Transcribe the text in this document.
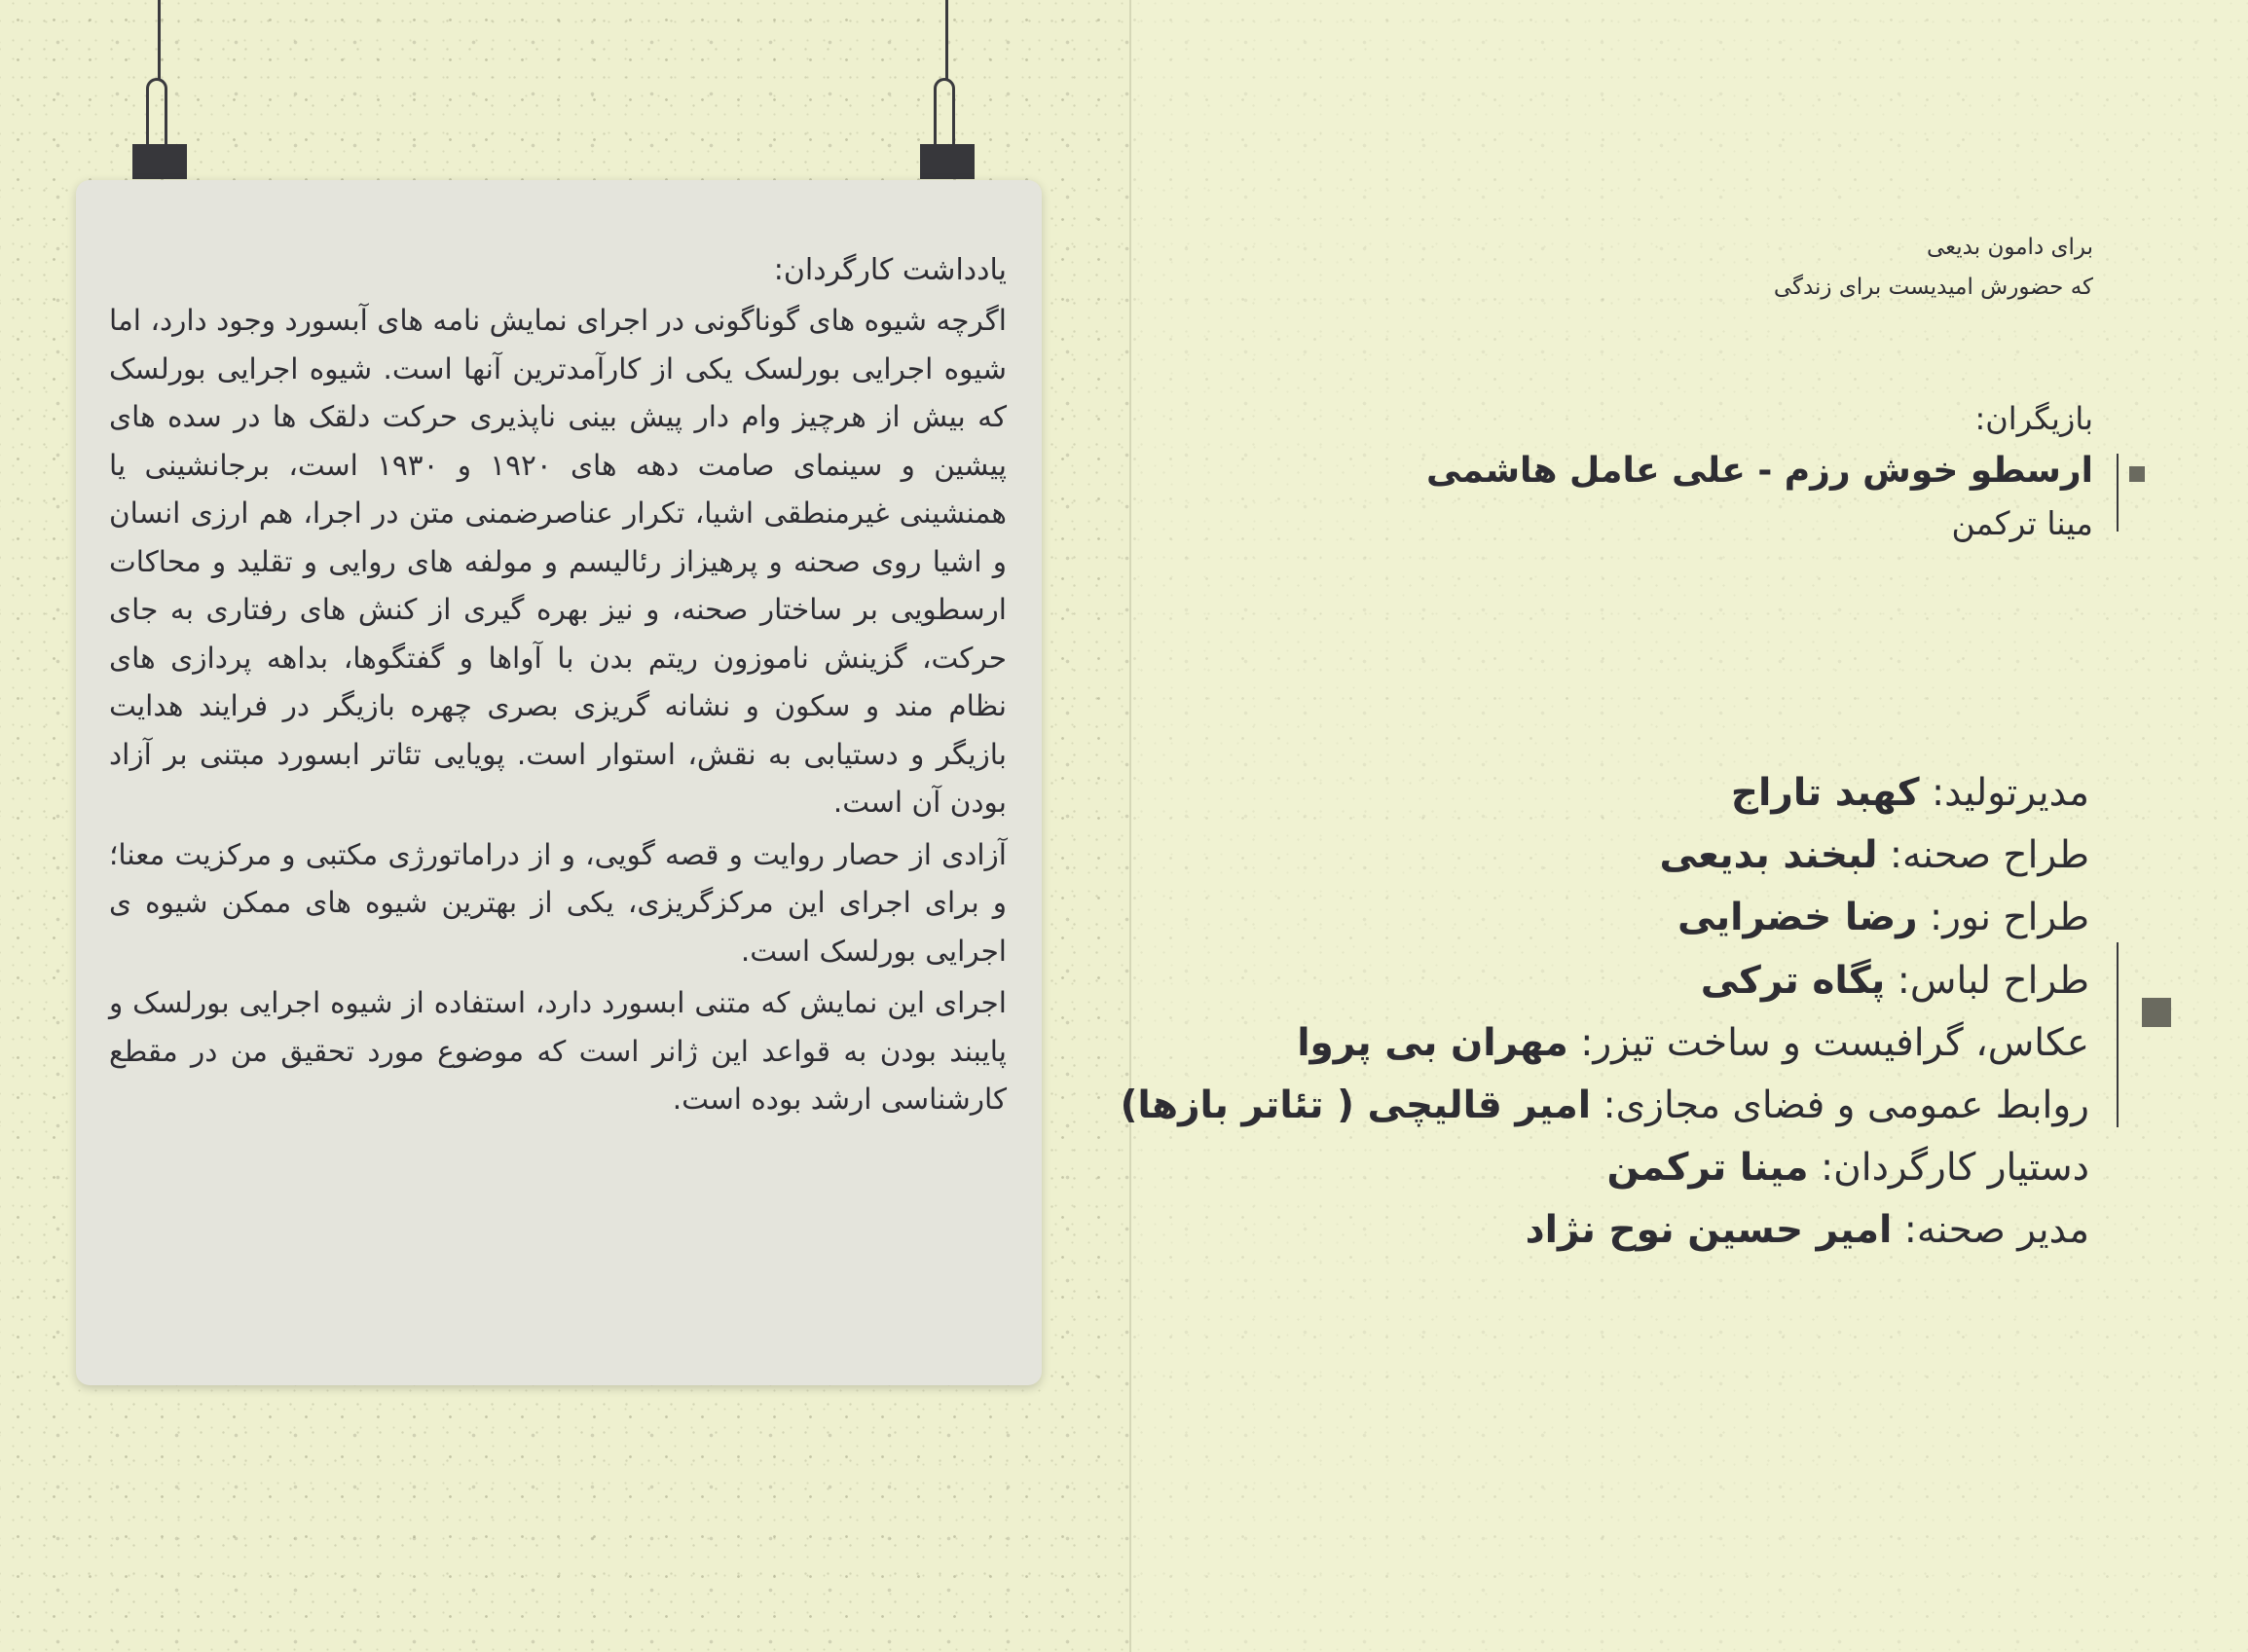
یادداشت کارگردان:

اگرچه شیوه های گوناگونی در اجرای نمایش نامه های آبسورد وجود دارد، اما شیوه اجرایی بورلسک یکی از کارآمدترین آنها است. شیوه اجرایی بورلسک که بیش از هرچیز وام دار پیش بینی ناپذیری حرکت دلقک ها در سده های پیشین و سینمای صامت دهه های ۱۹۲۰ و ۱۹۳۰ است، برجانشینی یا همنشینی غیرمنطقی اشیا، تکرار عناصرضمنی متن در اجرا، هم ارزی انسان و اشیا روی صحنه و پرهیزاز رئالیسم و مولفه های روایی و تقلید و محاکات ارسطویی بر ساختار صحنه، و نیز بهره گیری از کنش های رفتاری به جای حرکت، گزینش ناموزون ریتم بدن با آواها و گفتگوها، بداهه پردازی های نظام مند و سکون و نشانه گریزی بصری چهره بازیگر در فرایند هدایت بازیگر و دستیابی به نقش، استوار است. پویایی تئاتر ابسورد مبتنی بر آزاد بودن آن است.

آزادی از حصار روایت و قصه گویی، و از دراماتورژی مکتبی و مرکزیت معنا؛ و برای اجرای این مرکزگریزی، یکی از بهترین شیوه های ممکن شیوه ی اجرایی بورلسک است.

اجرای این نمایش که متنی ابسورد دارد، استفاده از شیوه اجرایی بورلسک و پایبند بودن به قواعد این ژانر است که موضوع مورد تحقیق من در مقطع کارشناسی ارشد بوده است.

برای دامون بدیعی
که حضورش امیدیست برای زندگی
بازیگران:
ارسطو خوش رزم - علی عامل هاشمی
مینا ترکمن
مدیرتولید: کهبد تاراج
طراح صحنه: لبخند بدیعی
طراح نور: رضا خضرایی
طراح لباس: پگاه ترکی
عکاس، گرافیست و ساخت تیزر: مهران بی پروا
روابط عمومی و فضای مجازی: امیر قالیچی ( تئاتر بازها)
دستیار کارگردان: مینا ترکمن
مدیر صحنه: امیر حسین نوح نژاد
